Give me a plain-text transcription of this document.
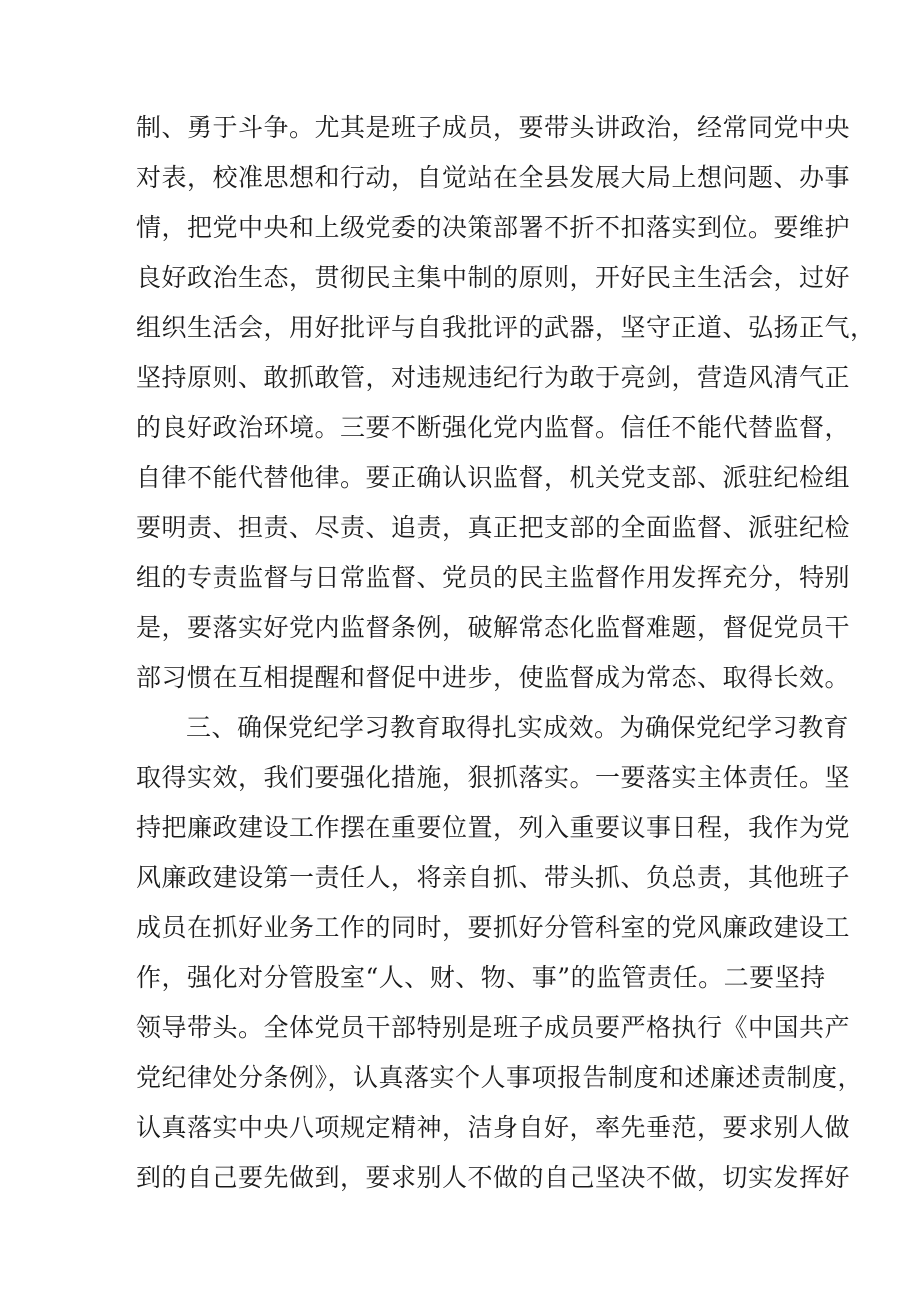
制、勇于斗争。尤其是班子成员，要带头讲政治，经常同党中央
对表，校准思想和行动，自觉站在全县发展大局上想问题、办事
情，把党中央和上级党委的决策部署不折不扣落实到位。要维护
良好政治生态，贯彻民主集中制的原则，开好民主生活会，过好
组织生活会，用好批评与自我批评的武器，坚守正道、弘扬正气，
坚持原则、敢抓敢管，对违规违纪行为敢于亮剑，营造风清气正
的良好政治环境。三要不断强化党内监督。信任不能代替监督，
自律不能代替他律。要正确认识监督，机关党支部、派驻纪检组
要明责、担责、尽责、追责，真正把支部的全面监督、派驻纪检
组的专责监督与日常监督、党员的民主监督作用发挥充分，特别
是，要落实好党内监督条例，破解常态化监督难题，督促党员干
部习惯在互相提醒和督促中进步，使监督成为常态、取得长效。
三、确保党纪学习教育取得扎实成效。为确保党纪学习教育
取得实效，我们要强化措施，狠抓落实。一要落实主体责任。坚
持把廉政建设工作摆在重要位置，列入重要议事日程，我作为党
风廉政建设第一责任人，将亲自抓、带头抓、负总责，其他班子
成员在抓好业务工作的同时，要抓好分管科室的党风廉政建设工
作，强化对分管股室“人、财、物、事”的监管责任。二要坚持
领导带头。全体党员干部特别是班子成员要严格执行《中国共产
党纪律处分条例》，认真落实个人事项报告制度和述廉述责制度，
认真落实中央八项规定精神，洁身自好，率先垂范，要求别人做
到的自己要先做到，要求别人不做的自己坚决不做，切实发挥好
